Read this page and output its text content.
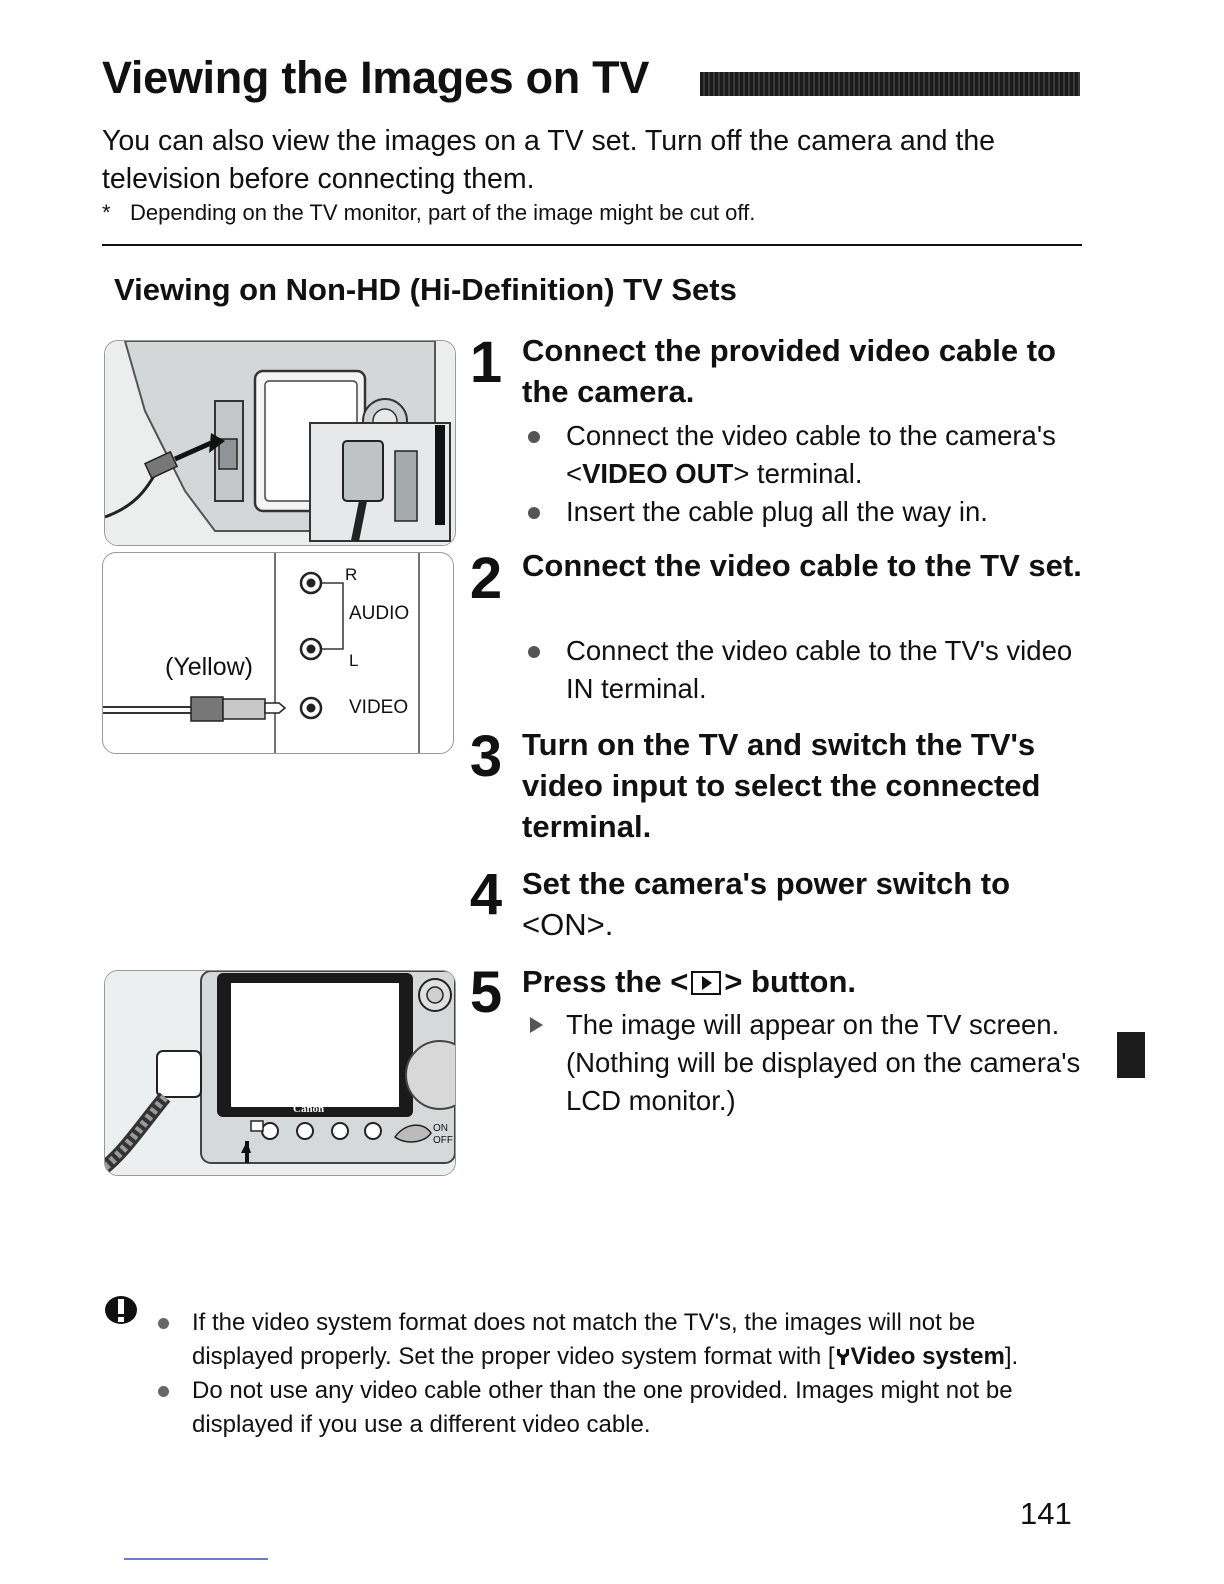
Viewing the Images on TV

You can also view the images on a TV set. Turn off the camera and the television before connecting them.

* Depending on the TV monitor, part of the image might be cut off.

Viewing on Non-HD (Hi-Definition) TV Sets
(Yellow)
R
AUDIO
L
VIDEO
Canon
ON
OFF
1 Connect the provided video cable to the camera.
Connect the video cable to the camera's <VIDEO OUT> terminal.
Insert the cable plug all the way in.
2 Connect the video cable to the TV set.
Connect the video cable to the TV's video IN terminal.
3 Turn on the TV and switch the TV's video input to select the connected terminal.
4 Set the camera's power switch to
<ON>.
5 Press the < > button.
The image will appear on the TV screen. (Nothing will be displayed on the camera's LCD monitor.)
If the video system format does not match the TV's, the images will not be displayed properly. Set the proper video system format with [ Video system].
Do not use any video cable other than the one provided. Images might not be displayed if you use a different video cable.

141
